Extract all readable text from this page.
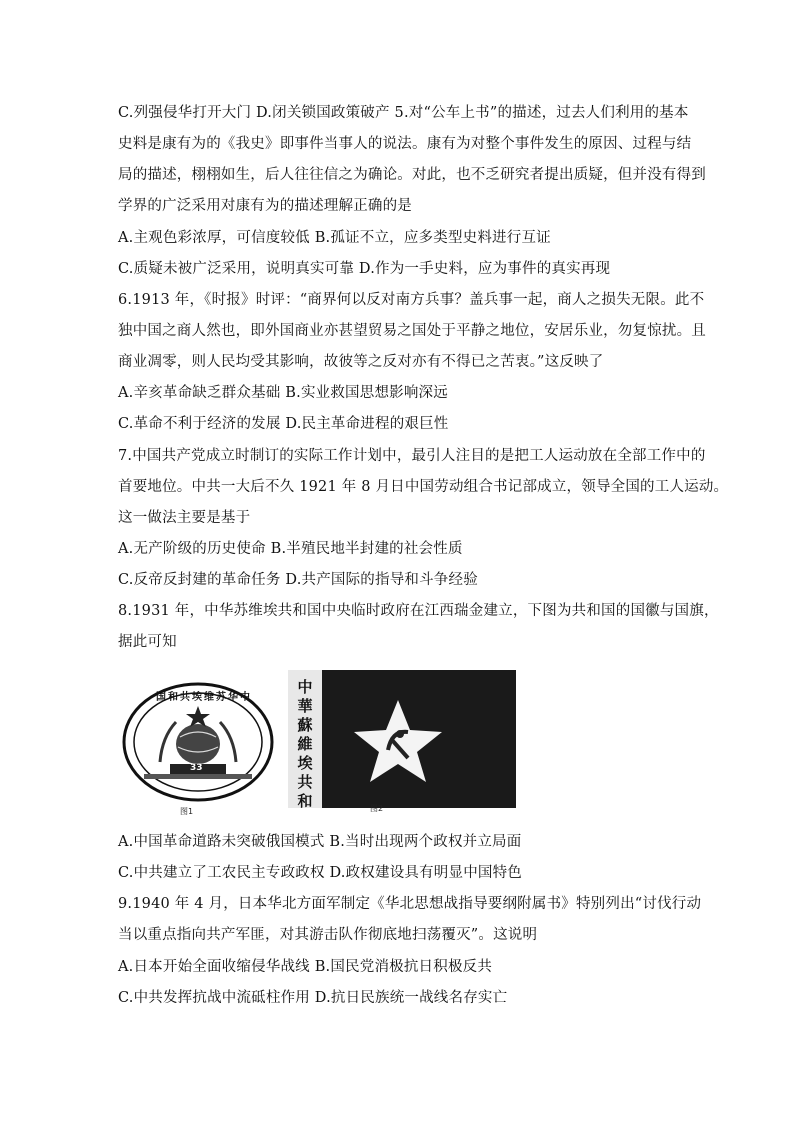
C.列强侵华打开大门 D.闭关锁国政策破产 5.对“公车上书”的描述，过去人们利用的基本
史料是康有为的《我史》即事件当事人的说法。康有为对整个事件发生的原因、过程与结
局的描述，栩栩如生，后人往往信之为确论。对此，也不乏研究者提出质疑，但并没有得到
学界的广泛采用对康有为的描述理解正确的是
A.主观色彩浓厚，可信度较低 B.孤证不立，应多类型史料进行互证
C.质疑未被广泛采用，说明真实可靠 D.作为一手史料，应为事件的真实再现
6.1913 年，《时报》时评：“商界何以反对南方兵事？盖兵事一起，商人之损失无限。此不
独中国之商人然也，即外国商业亦甚望贸易之国处于平静之地位，安居乐业，勿复惊扰。且
商业凋零，则人民均受其影响，故彼等之反对亦有不得已之苦衷。”这反映了
A.辛亥革命缺乏群众基础 B.实业救国思想影响深远
C.革命不利于经济的发展 D.民主革命进程的艰巨性
7.中国共产党成立时制订的实际工作计划中，最引人注目的是把工人运动放在全部工作中的
首要地位。中共一大后不久 1921 年 8 月日中国劳动组合书记部成立，领导全国的工人运动。
这一做法主要是基于
A.无产阶级的历史使命 B.半殖民地半封建的社会性质
C.反帝反封建的革命任务 D.共产国际的指导和斗争经验
8.1931 年，中华苏维埃共和国中央临时政府在江西瑞金建立，下图为共和国的国徽与国旗，
据此可知
国和共埃维苏华中
33
图1
中
華
蘇
維
埃
共
和	图2
A.中国革命道路未突破俄国模式 B.当时出现两个政权并立局面
C.中共建立了工农民主专政政权 D.政权建设具有明显中国特色
9.1940 年 4 月，日本华北方面军制定《华北思想战指导要纲附属书》特别列出“讨伐行动
当以重点指向共产军匪，对其游击队作彻底地扫荡覆灭”。这说明
A.日本开始全面收缩侵华战线 B.国民党消极抗日积极反共
C.中共发挥抗战中流砥柱作用 D.抗日民族统一战线名存实亡
